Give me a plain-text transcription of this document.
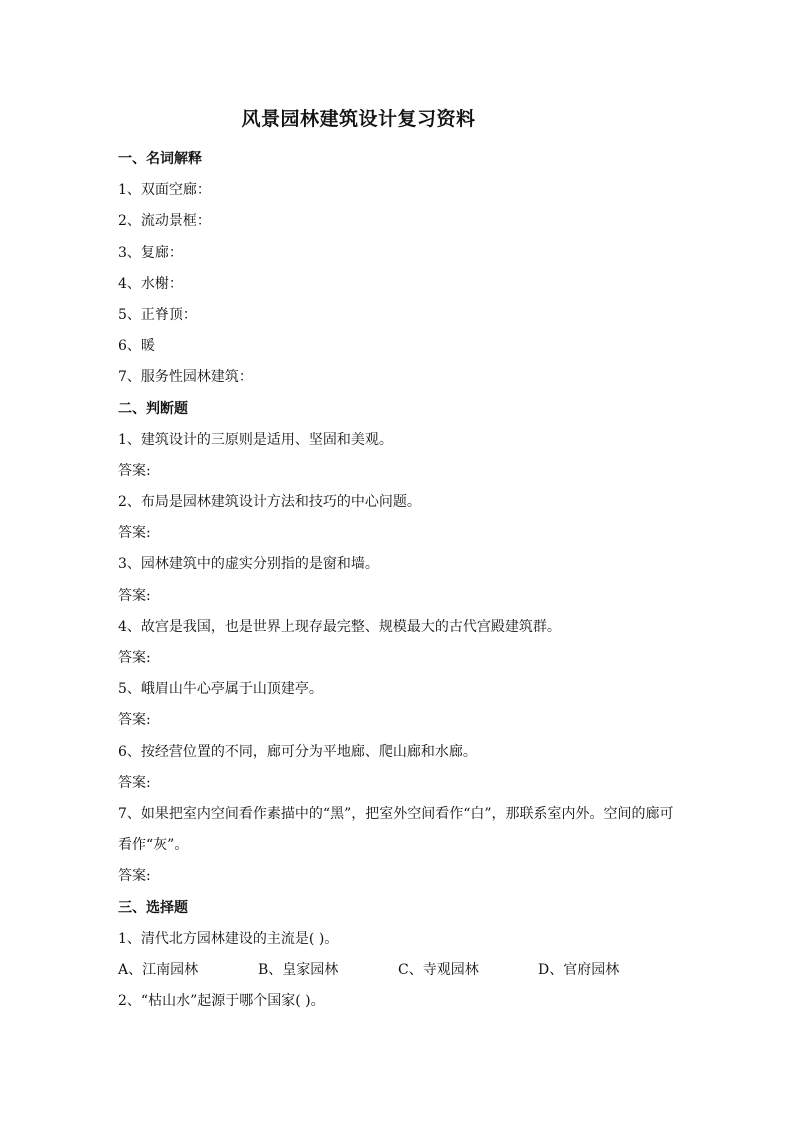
风景园林建筑设计复习资料
一、名词解释
1、双面空廊：
2、流动景框：
3、复廊：
4、水榭：
5、正脊顶：
6、暖
7、服务性园林建筑：
二、判断题
1、建筑设计的三原则是适用、坚固和美观。
答案:
2、布局是园林建筑设计方法和技巧的中心问题。
答案:
3、园林建筑中的虚实分别指的是窗和墙。
答案:
4、故宫是我国，也是世界上现存最完整、规模最大的古代宫殿建筑群。
答案:
5、峨眉山牛心亭属于山顶建亭。
答案:
6、按经营位置的不同，廊可分为平地廊、爬山廊和水廊。
答案:
7、如果把室内空间看作素描中的“黑”，把室外空间看作“白”，那联系室内外。空间的廊可看作“灰”。
答案:
三、选择题
1、清代北方园林建设的主流是( )。
A、江南园林	B、皇家园林	C、寺观园林	D、官府园林
2、“枯山水”起源于哪个国家( )。
